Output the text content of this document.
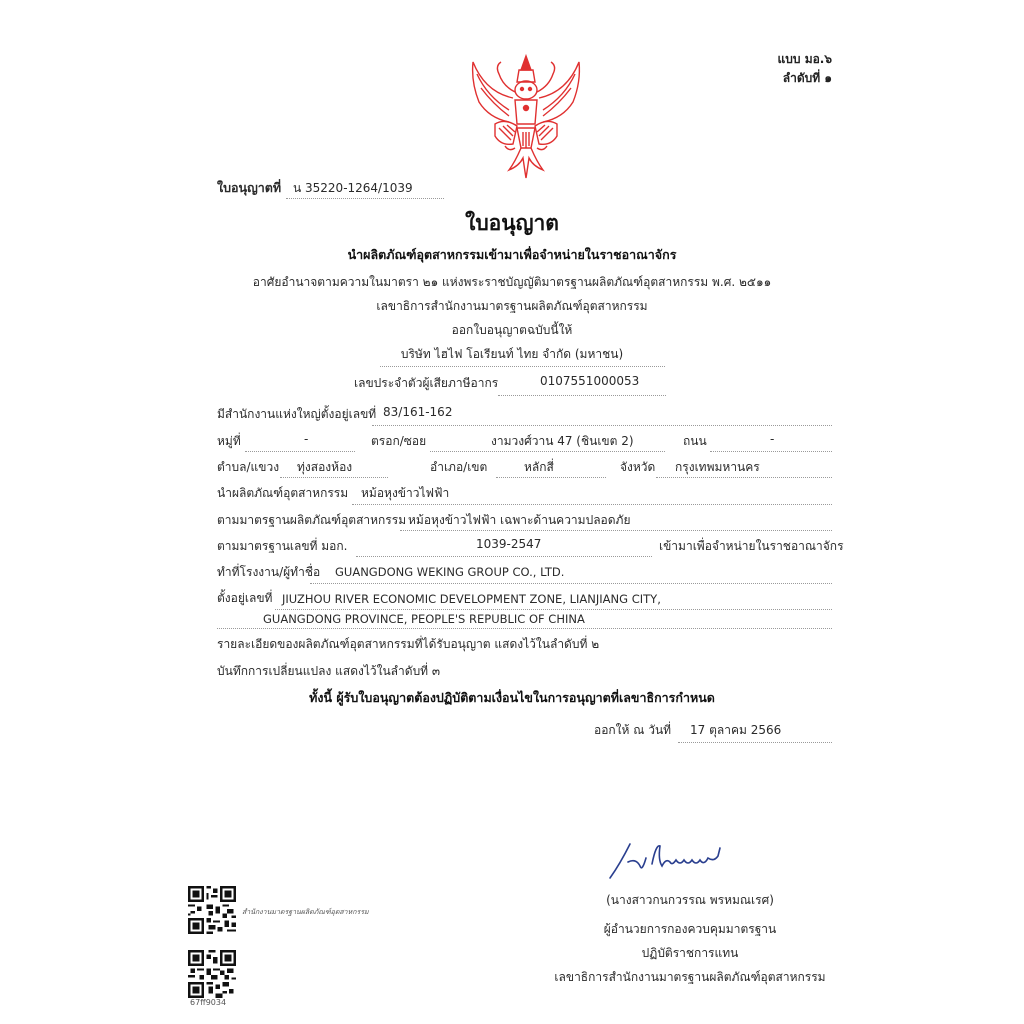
แบบ มอ.๖
ลำดับที่ ๑
ใบอนุญาตที่ น 35220-1264/1039
ใบอนุญาต
นำผลิตภัณฑ์อุตสาหกรรมเข้ามาเพื่อจำหน่ายในราชอาณาจักร
อาศัยอำนาจตามความในมาตรา ๒๑ แห่งพระราชบัญญัติมาตรฐานผลิตภัณฑ์อุตสาหกรรม พ.ศ. ๒๕๑๑
เลขาธิการสำนักงานมาตรฐานผลิตภัณฑ์อุตสาหกรรม
ออกใบอนุญาตฉบับนี้ให้
บริษัท ไฮไฟ โอเรียนท์ ไทย จำกัด (มหาชน)
เลขประจำตัวผู้เสียภาษีอากร	0107551000053
มีสำนักงานแห่งใหญ่ตั้งอยู่เลขที่ 83/161-162
หมู่ที่	-	ตรอก/ซอย	งามวงศ์วาน 47 (ชินเขต 2)	ถนน	-
ตำบล/แขวง ทุ่งสองห้อง	อำเภอ/เขต	หลักสี่	จังหวัด กรุงเทพมหานคร
นำผลิตภัณฑ์อุตสาหกรรม หม้อหุงข้าวไฟฟ้า
ตามมาตรฐานผลิตภัณฑ์อุตสาหกรรม หม้อหุงข้าวไฟฟ้า เฉพาะด้านความปลอดภัย
ตามมาตรฐานเลขที่ มอก.	1039-2547	เข้ามาเพื่อจำหน่ายในราชอาณาจักร
ทำที่โรงงาน/ผู้ทำชื่อ GUANGDONG WEKING GROUP CO., LTD.
ตั้งอยู่เลขที่ JIUZHOU RIVER ECONOMIC DEVELOPMENT ZONE, LIANJIANG CITY,
GUANGDONG PROVINCE, PEOPLE'S REPUBLIC OF CHINA
รายละเอียดของผลิตภัณฑ์อุตสาหกรรมที่ได้รับอนุญาต แสดงไว้ในลำดับที่ ๒
บันทึกการเปลี่ยนแปลง แสดงไว้ในลำดับที่ ๓
ทั้งนี้ ผู้รับใบอนุญาตต้องปฏิบัติตามเงื่อนไขในการอนุญาตที่เลขาธิการกำหนด
ออกให้ ณ วันที่ 17 ตุลาคม 2566
(นางสาวกนกวรรณ พรหมณเรศ)
ผู้อำนวยการกองควบคุมมาตรฐาน
ปฏิบัติราชการแทน
เลขาธิการสำนักงานมาตรฐานผลิตภัณฑ์อุตสาหกรรม
สำนักงานมาตรฐานผลิตภัณฑ์อุตสาหกรรม
67ff9034
